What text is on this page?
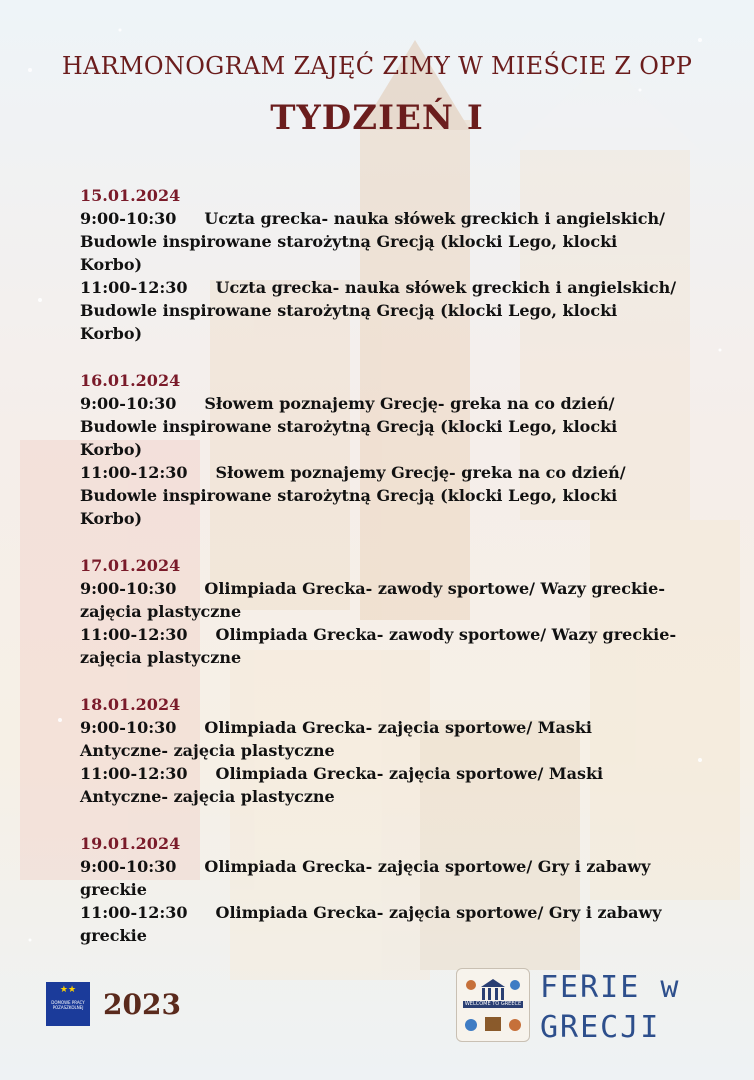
HARMONOGRAM ZAJĘĆ ZIMY W MIEŚCIE Z OPP
TYDZIEŃ I
15.01.2024
9:00-10:30 Uczta grecka- nauka słówek greckich i angielskich/ Budowle inspirowane starożytną Grecją (klocki Lego, klocki Korbo)
11:00-12:30 Uczta grecka- nauka słówek greckich i angielskich/ Budowle inspirowane starożytną Grecją (klocki Lego, klocki Korbo)
16.01.2024
9:00-10:30 Słowem poznajemy Grecję- greka na co dzień/ Budowle inspirowane starożytną Grecją (klocki Lego, klocki Korbo)
11:00-12:30 Słowem poznajemy Grecję- greka na co dzień/ Budowle inspirowane starożytną Grecją (klocki Lego, klocki Korbo)
17.01.2024
9:00-10:30 Olimpiada Grecka- zawody sportowe/ Wazy greckie- zajęcia plastyczne
11:00-12:30 Olimpiada Grecka- zawody sportowe/ Wazy greckie- zajęcia plastyczne
18.01.2024
9:00-10:30 Olimpiada Grecka- zajęcia sportowe/ Maski Antyczne- zajęcia plastyczne
11:00-12:30 Olimpiada Grecka- zajęcia sportowe/ Maski Antyczne- zajęcia plastyczne
19.01.2024
9:00-10:30 Olimpiada Grecka- zajęcia sportowe/ Gry i zabawy greckie
11:00-12:30 Olimpiada Grecka- zajęcia sportowe/ Gry i zabawy greckie
★★
DOMOWE PRACY POZASZKOLNEJ 2023	WELCOME TO GREECE FERIE w
GRECJI
